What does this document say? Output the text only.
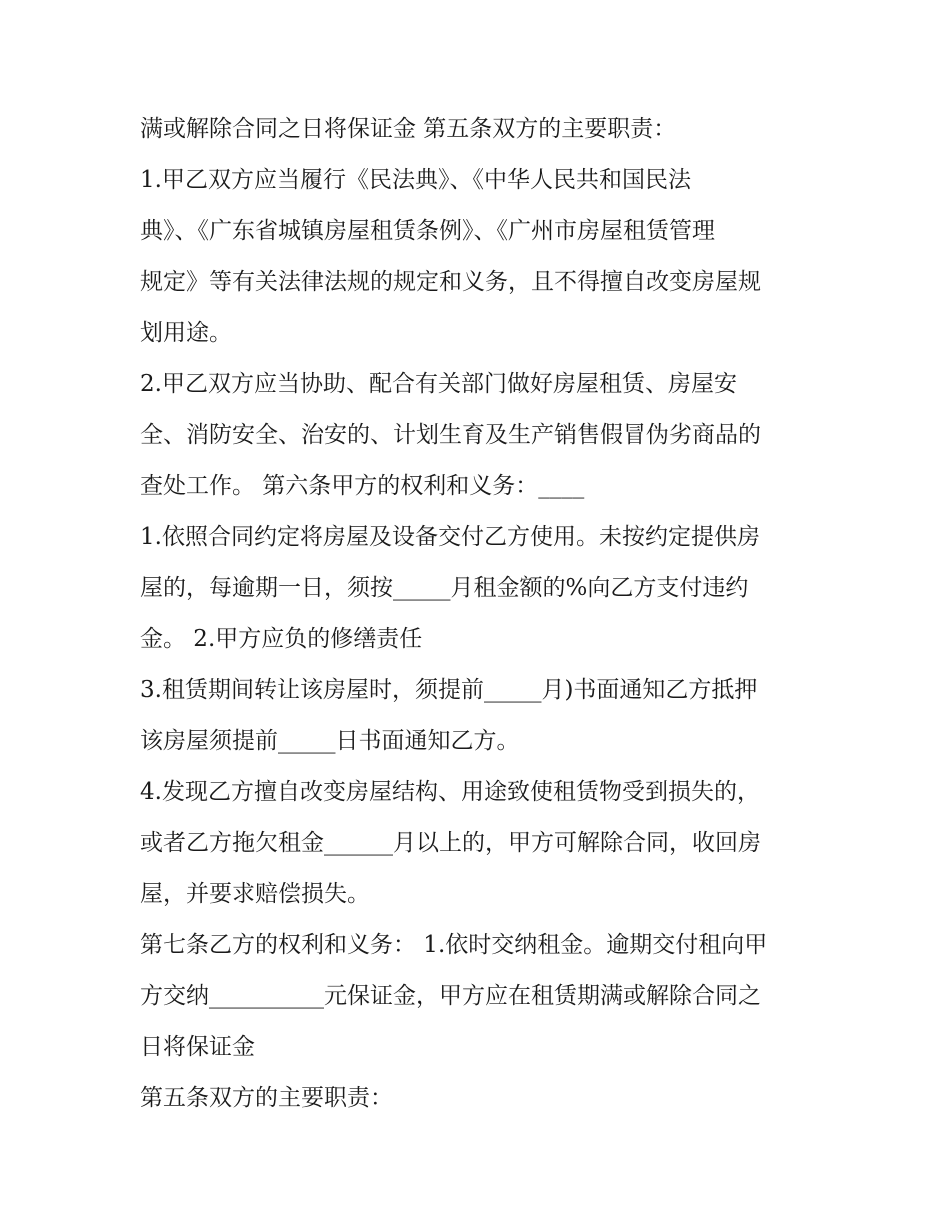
满或解除合同之日将保证金 第五条双方的主要职责：
1.甲乙双方应当履行《民法典》、《中华人民共和国民法
典》、《广东省城镇房屋租赁条例》、《广州市房屋租赁管理
规定》等有关法律法规的规定和义务，且不得擅自改变房屋规
划用途。
2.甲乙双方应当协助、配合有关部门做好房屋租赁、房屋安
全、消防安全、治安的、计划生育及生产销售假冒伪劣商品的
查处工作。 第六条甲方的权利和义务：____
1.依照合同约定将房屋及设备交付乙方使用。未按约定提供房
屋的，每逾期一日，须按_____月租金额的%向乙方支付违约
金。 2.甲方应负的修缮责任
3.租赁期间转让该房屋时，须提前_____月)书面通知乙方抵押
该房屋须提前_____日书面通知乙方。
4.发现乙方擅自改变房屋结构、用途致使租赁物受到损失的，
或者乙方拖欠租金______月以上的，甲方可解除合同，收回房
屋，并要求赔偿损失。
第七条乙方的权利和义务： 1.依时交纳租金。逾期交付租向甲
方交纳__________元保证金，甲方应在租赁期满或解除合同之
日将保证金
第五条双方的主要职责：
